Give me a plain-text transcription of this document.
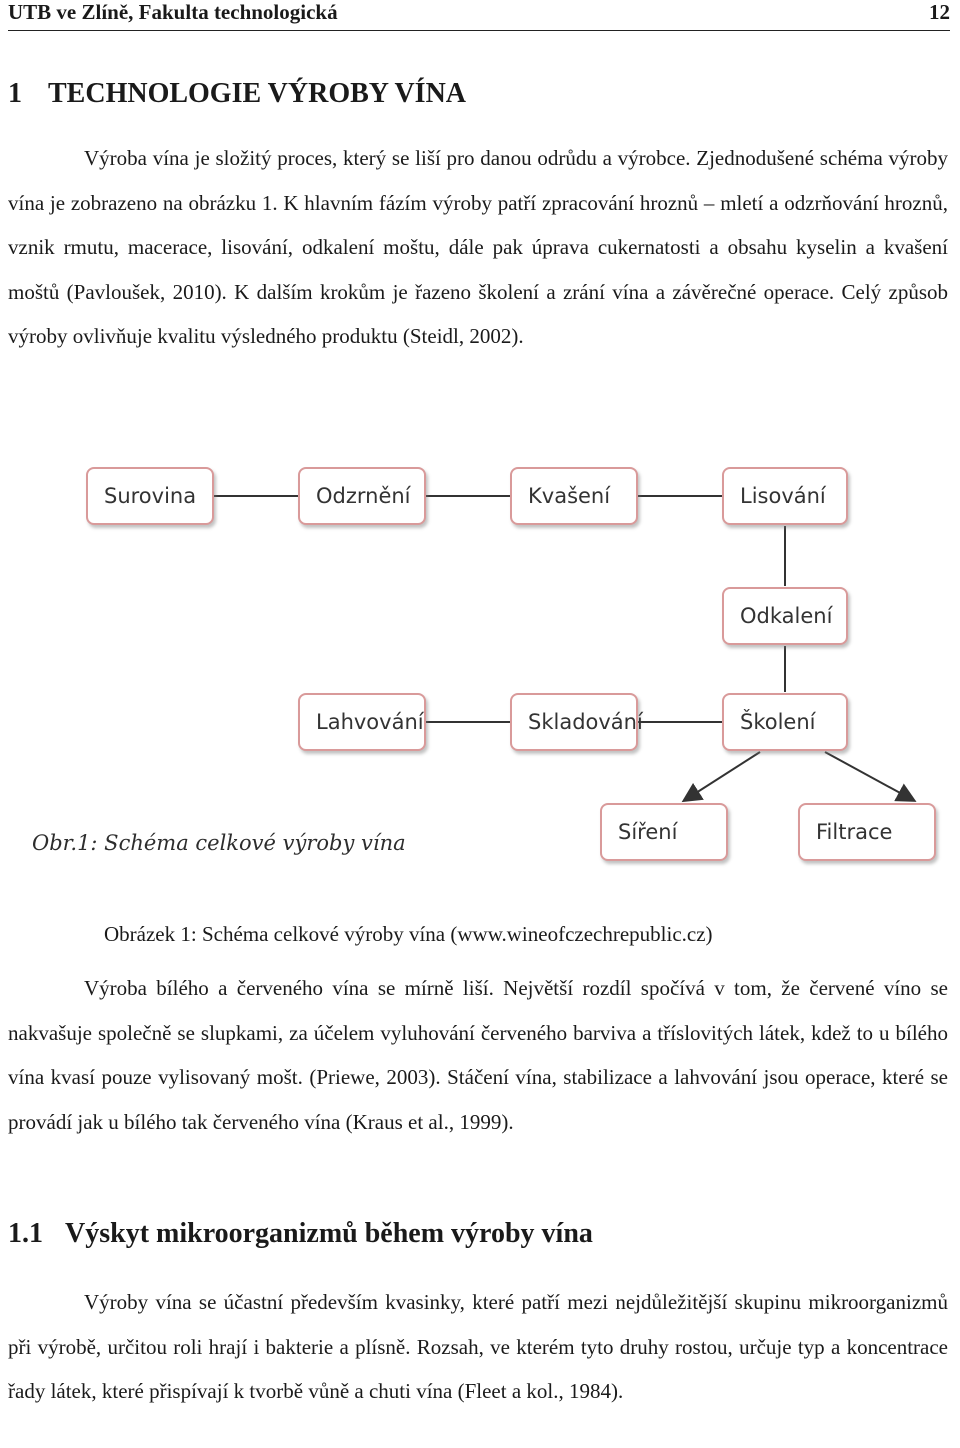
UTB ve Zlíně, Fakulta technologická	12
1 TECHNOLOGIE VÝROBY VÍNA

Výroba vína je složitý proces, který se liší pro danou odrůdu a výrobce. Zjednodušené schéma výroby vína je zobrazeno na obrázku 1. K hlavním fázím výroby patří zpracování hroznů – mletí a odzrňování hroznů, vznik rmutu, macerace, lisování, odkalení moštu, dále pak úprava cukernatosti a obsahu kyselin a kvašení moštů (Pavloušek, 2010). K dalším krokům je řazeno školení a zrání vína a závěrečné operace. Celý způsob výroby ovlivňuje kvalitu výsledného produktu (Steidl, 2002).

Surovina	Odzrnění	Kvašení	Lisování
Odkalení
Školení
Skladování
Lahvování
Síření	Filtrace
Obr.1: Schéma celkové výroby vína
Obrázek 1: Schéma celkové výroby vína (www.wineofczechrepublic.cz)

Výroba bílého a červeného vína se mírně liší. Největší rozdíl spočívá v tom, že červené víno se nakvašuje společně se slupkami, za účelem vyluhování červeného barviva a tříslovitých látek, kdež to u bílého vína kvasí pouze vylisovaný mošt. (Priewe, 2003). Stáčení vína, stabilizace a lahvování jsou operace, které se provádí jak u bílého tak červeného vína (Kraus et al., 1999).

1.1 Výskyt mikroorganizmů během výroby vína

Výroby vína se účastní především kvasinky, které patří mezi nejdůležitější skupinu mikroorganizmů při výrobě, určitou roli hrají i bakterie a plísně. Rozsah, ve kterém tyto druhy rostou, určuje typ a koncentrace řady látek, které přispívají k tvorbě vůně a chuti vína (Fleet a kol., 1984).
